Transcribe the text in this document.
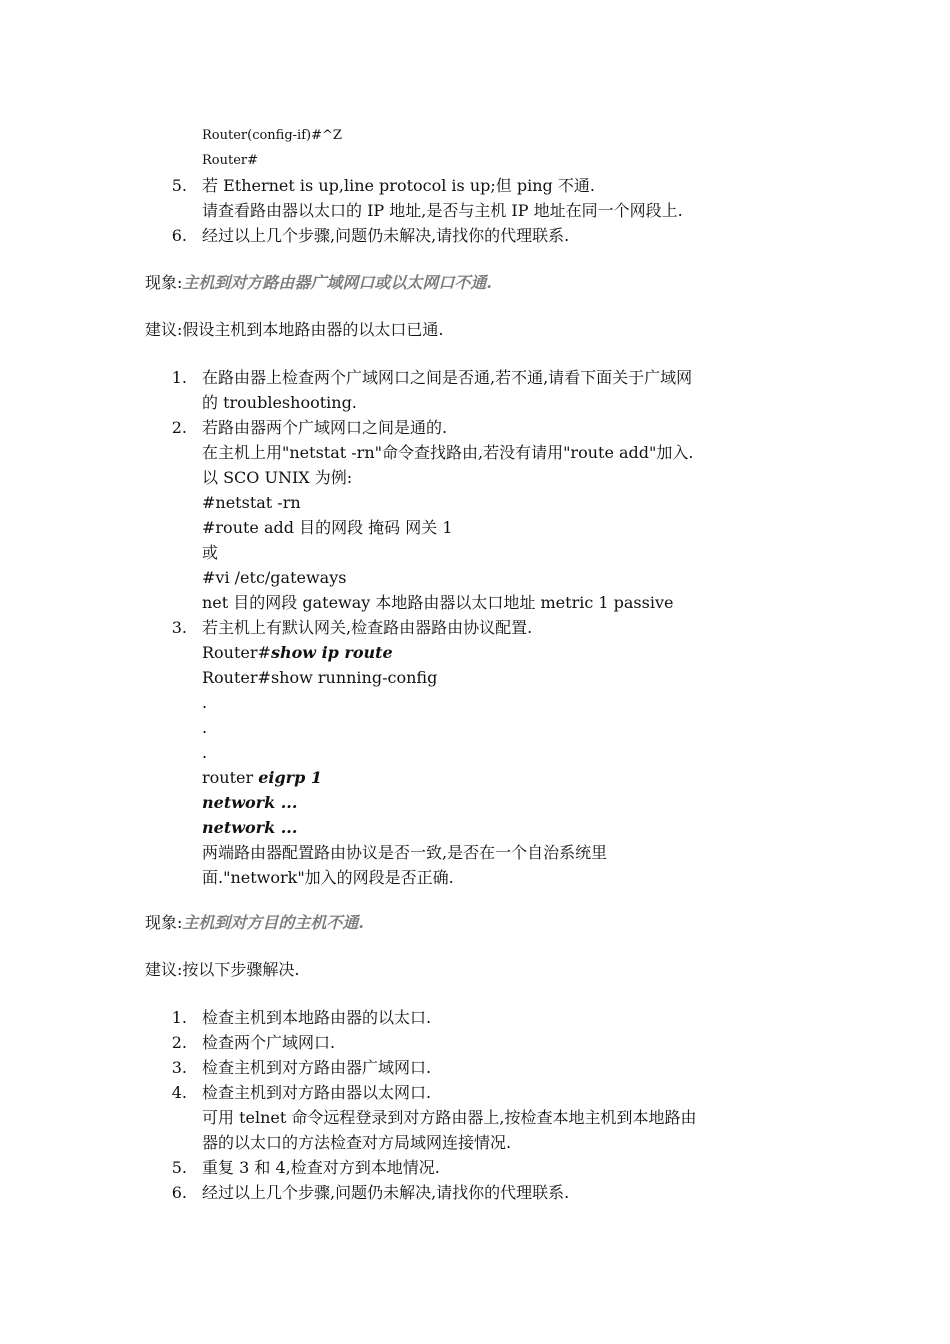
Router(config-if)#^Z
Router#
5. 若 Ethernet is up,line protocol is up;但 ping 不通.
请查看路由器以太口的 IP 地址,是否与主机 IP 地址在同一个网段上.
6. 经过以上几个步骤,问题仍未解决,请找你的代理联系.
现象:主机到对方路由器广域网口或以太网口不通.
建议:假设主机到本地路由器的以太口已通.
1. 在路由器上检查两个广域网口之间是否通,若不通,请看下面关于广域网
的 troubleshooting.
2. 若路由器两个广域网口之间是通的.
在主机上用"netstat -rn"命令查找路由,若没有请用"route add"加入.
以 SCO UNIX 为例:
#netstat -rn
#route add 目的网段 掩码 网关 1
或
#vi /etc/gateways
net 目的网段 gateway 本地路由器以太口地址 metric 1 passive
3. 若主机上有默认网关,检查路由器路由协议配置.
Router#show ip route
Router#show running-config
.
.
.
router eigrp 1
network ...
network ...
两端路由器配置路由协议是否一致,是否在一个自治系统里
面."network"加入的网段是否正确.
现象:主机到对方目的主机不通.
建议:按以下步骤解决.
1. 检查主机到本地路由器的以太口.
2. 检查两个广域网口.
3. 检查主机到对方路由器广域网口.
4. 检查主机到对方路由器以太网口.
可用 telnet 命令远程登录到对方路由器上,按检查本地主机到本地路由
器的以太口的方法检查对方局域网连接情况.
5. 重复 3 和 4,检查对方到本地情况.
6. 经过以上几个步骤,问题仍未解决,请找你的代理联系.
